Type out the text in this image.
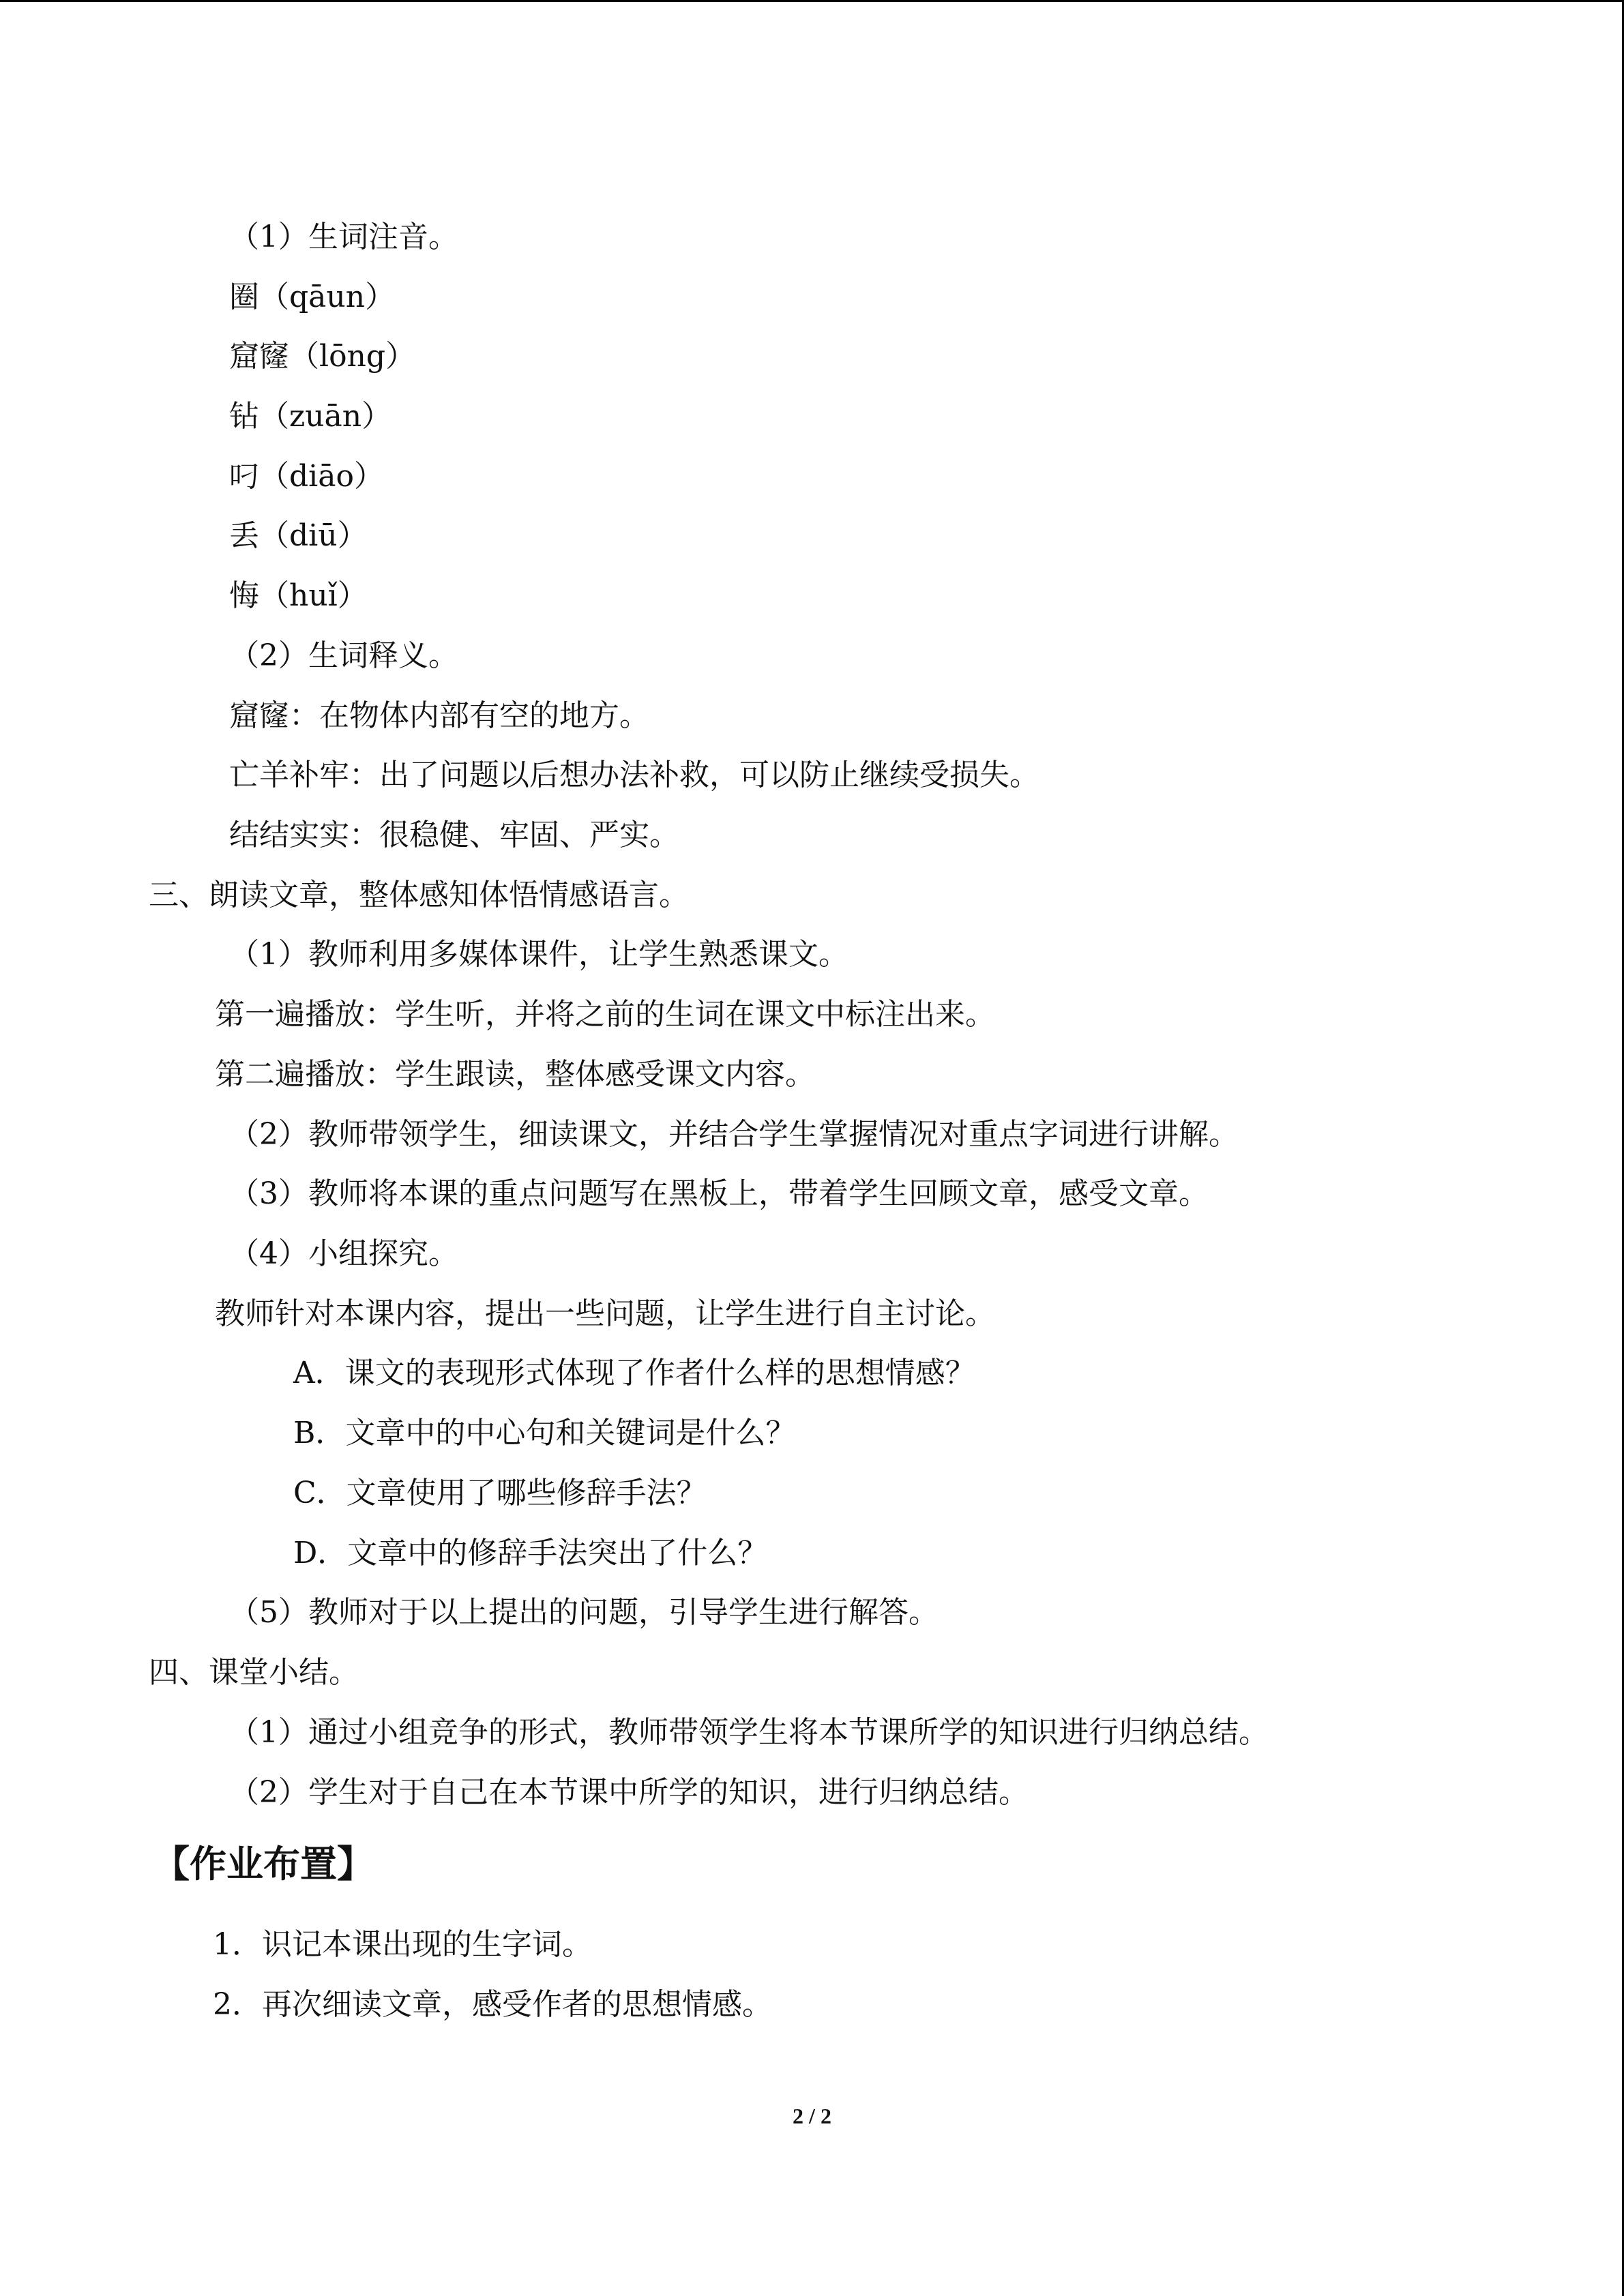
（1）生词注音。
圈（qāun）
窟窿（lōng）
钻（zuān）
叼（diāo）
丢（diū）
悔（huǐ）
（2）生词释义。
窟窿：在物体内部有空的地方。
亡羊补牢：出了问题以后想办法补救，可以防止继续受损失。
结结实实：很稳健、牢固、严实。
三、朗读文章，整体感知体悟情感语言。
（1）教师利用多媒体课件，让学生熟悉课文。
第一遍播放：学生听，并将之前的生词在课文中标注出来。
第二遍播放：学生跟读，整体感受课文内容。
（2）教师带领学生，细读课文，并结合学生掌握情况对重点字词进行讲解。
（3）教师将本课的重点问题写在黑板上，带着学生回顾文章，感受文章。
（4）小组探究。
教师针对本课内容，提出一些问题，让学生进行自主讨论。
A．课文的表现形式体现了作者什么样的思想情感？
B．文章中的中心句和关键词是什么？
C．文章使用了哪些修辞手法？
D．文章中的修辞手法突出了什么？
（5）教师对于以上提出的问题，引导学生进行解答。
四、课堂小结。
（1）通过小组竞争的形式，教师带领学生将本节课所学的知识进行归纳总结。
（2）学生对于自己在本节课中所学的知识，进行归纳总结。
【作业布置】
1．识记本课出现的生字词。
2．再次细读文章，感受作者的思想情感。
2 / 2
